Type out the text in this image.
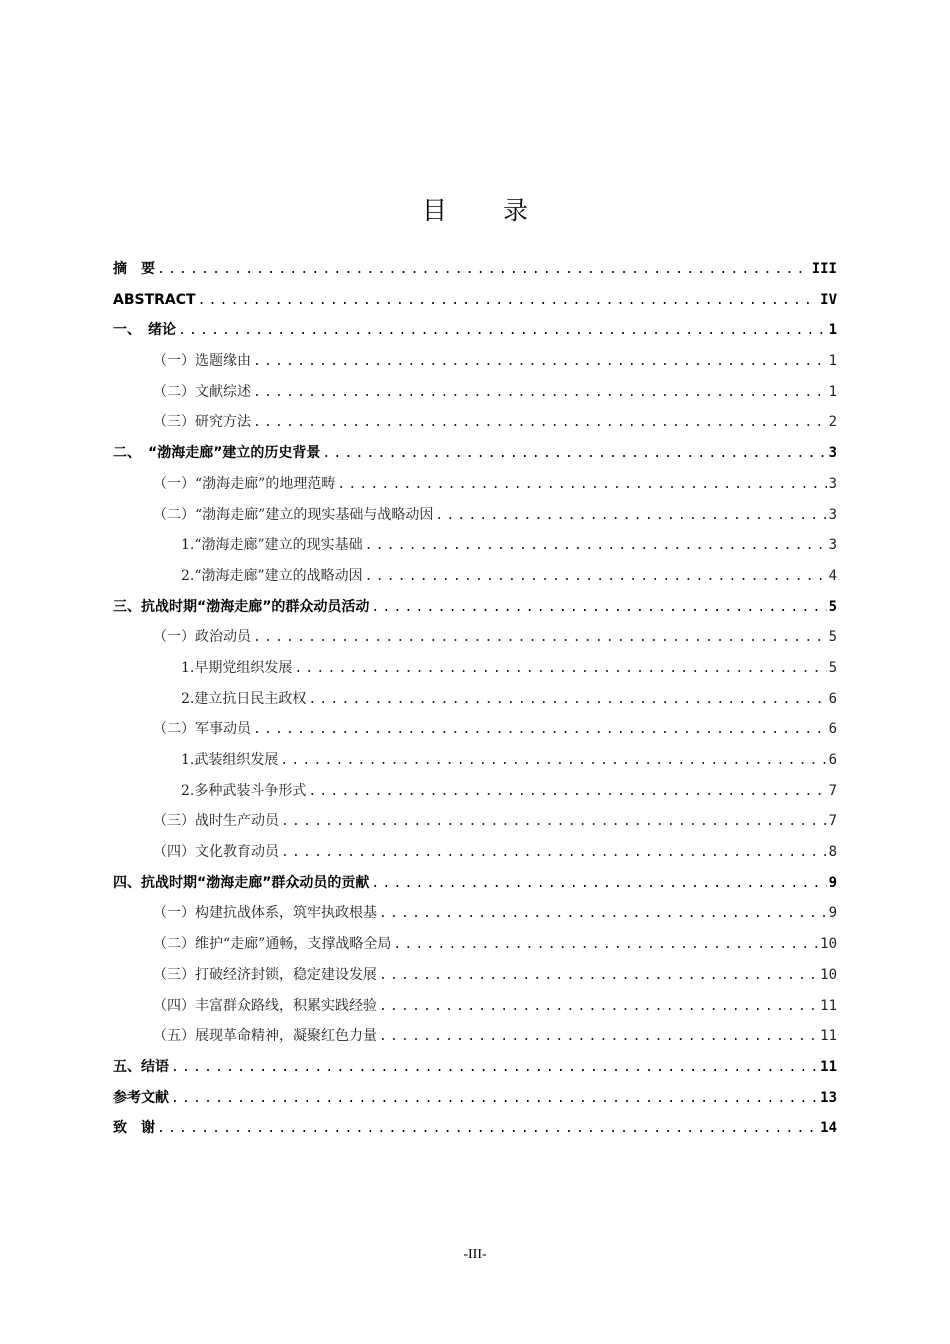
目 录
摘　要 .....	III
ABSTRACT .....	IV
一、　绪论 .....	1
（一）选题缘由 .....	1
（二）文献综述 .....	1
（三）研究方法 .....	2
二、　“渤海走廊”建立的历史背景 .....	3
（一）“渤海走廊”的地理范畴 .....	3
（二）“渤海走廊”建立的现实基础与战略动因 .....	3
1.“渤海走廊”建立的现实基础 .....	3
2.“渤海走廊”建立的战略动因 .....	4
三、抗战时期“渤海走廊”的群众动员活动 .....	5
（一）政治动员 .....	5
1.早期党组织发展 .....	5
2.建立抗日民主政权 .....	6
（二）军事动员 .....	6
1.武装组织发展 .....	6
2.多种武装斗争形式 .....	7
（三）战时生产动员 .....	7
（四）文化教育动员 .....	8
四、抗战时期“渤海走廊”群众动员的贡献 .....	9
（一）构建抗战体系，筑牢执政根基 .....	9
（二）维护“走廊”通畅，支撑战略全局 .....	10
（三）打破经济封锁，稳定建设发展 .....	10
（四）丰富群众路线，积累实践经验 .....	11
（五）展现革命精神，凝聚红色力量 .....	11
五、结语 .....	11
参考文献 .....	13
致　谢 .....	14
-III-
